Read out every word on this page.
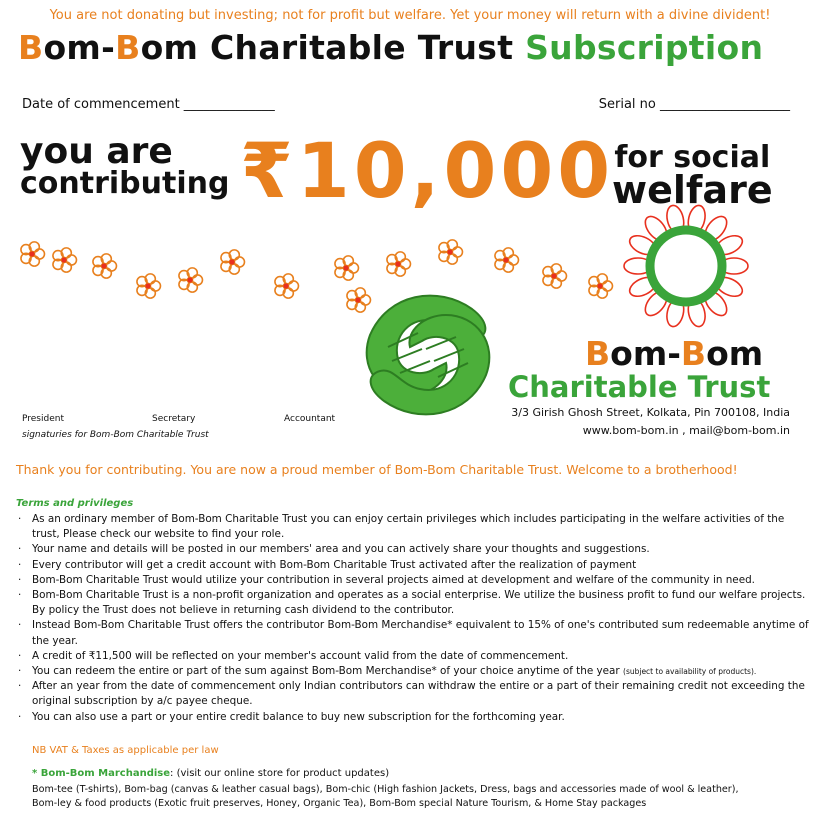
You are not donating but investing; not for profit but welfare. Yet your money will return with a divine divident!
Bom-Bom Charitable Trust Subscription
Date of commencement ______________	Serial no ____________________
you are
contributing ₹10,000 for social
welfare
Bom-Bom
Charitable Trust
3/3 Girish Ghosh Street, Kolkata, Pin 700108, India
www.bom-bom.in , mail@bom-bom.in
President	Secretary	Accountant
signaturies for Bom-Bom Charitable Trust
Thank you for contributing. You are now a proud member of Bom-Bom Charitable Trust. Welcome to a brotherhood!
Terms and privileges
· As an ordinary member of Bom-Bom Charitable Trust you can enjoy certain privileges which includes participating in the welfare activities of the trust, Please check our website to find your role.
· Your name and details will be posted in our members' area and you can actively share your thoughts and suggestions.
· Every contributor will get a credit account with Bom-Bom Charitable Trust activated after the realization of payment
· Bom-Bom Charitable Trust would utilize your contribution in several projects aimed at development and welfare of the community in need.
· Bom-Bom Charitable Trust is a non-profit organization and operates as a social enterprise. We utilize the business profit to fund our welfare projects. By policy the Trust does not believe in returning cash dividend to the contributor.
· Instead Bom-Bom Charitable Trust offers the contributor Bom-Bom Merchandise* equivalent to 15% of one's contributed sum redeemable anytime of the year.
· A credit of ₹11,500 will be reflected on your member's account valid from the date of commencement.
· You can redeem the entire or part of the sum against Bom-Bom Merchandise* of your choice anytime of the year (subject to availability of products).
· After an year from the date of commencement only Indian contributors can withdraw the entire or a part of their remaining credit not exceeding the original subscription by a/c payee cheque.
· You can also use a part or your entire credit balance to buy new subscription for the forthcoming year.
NB VAT & Taxes as applicable per law
* Bom-Bom Marchandise: (visit our online store for product updates)
Bom-tee (T-shirts), Bom-bag (canvas & leather casual bags), Bom-chic (High fashion Jackets, Dress, bags and accessories made of wool & leather),
Bom-ley & food products (Exotic fruit preserves, Honey, Organic Tea), Bom-Bom special Nature Tourism, & Home Stay packages
